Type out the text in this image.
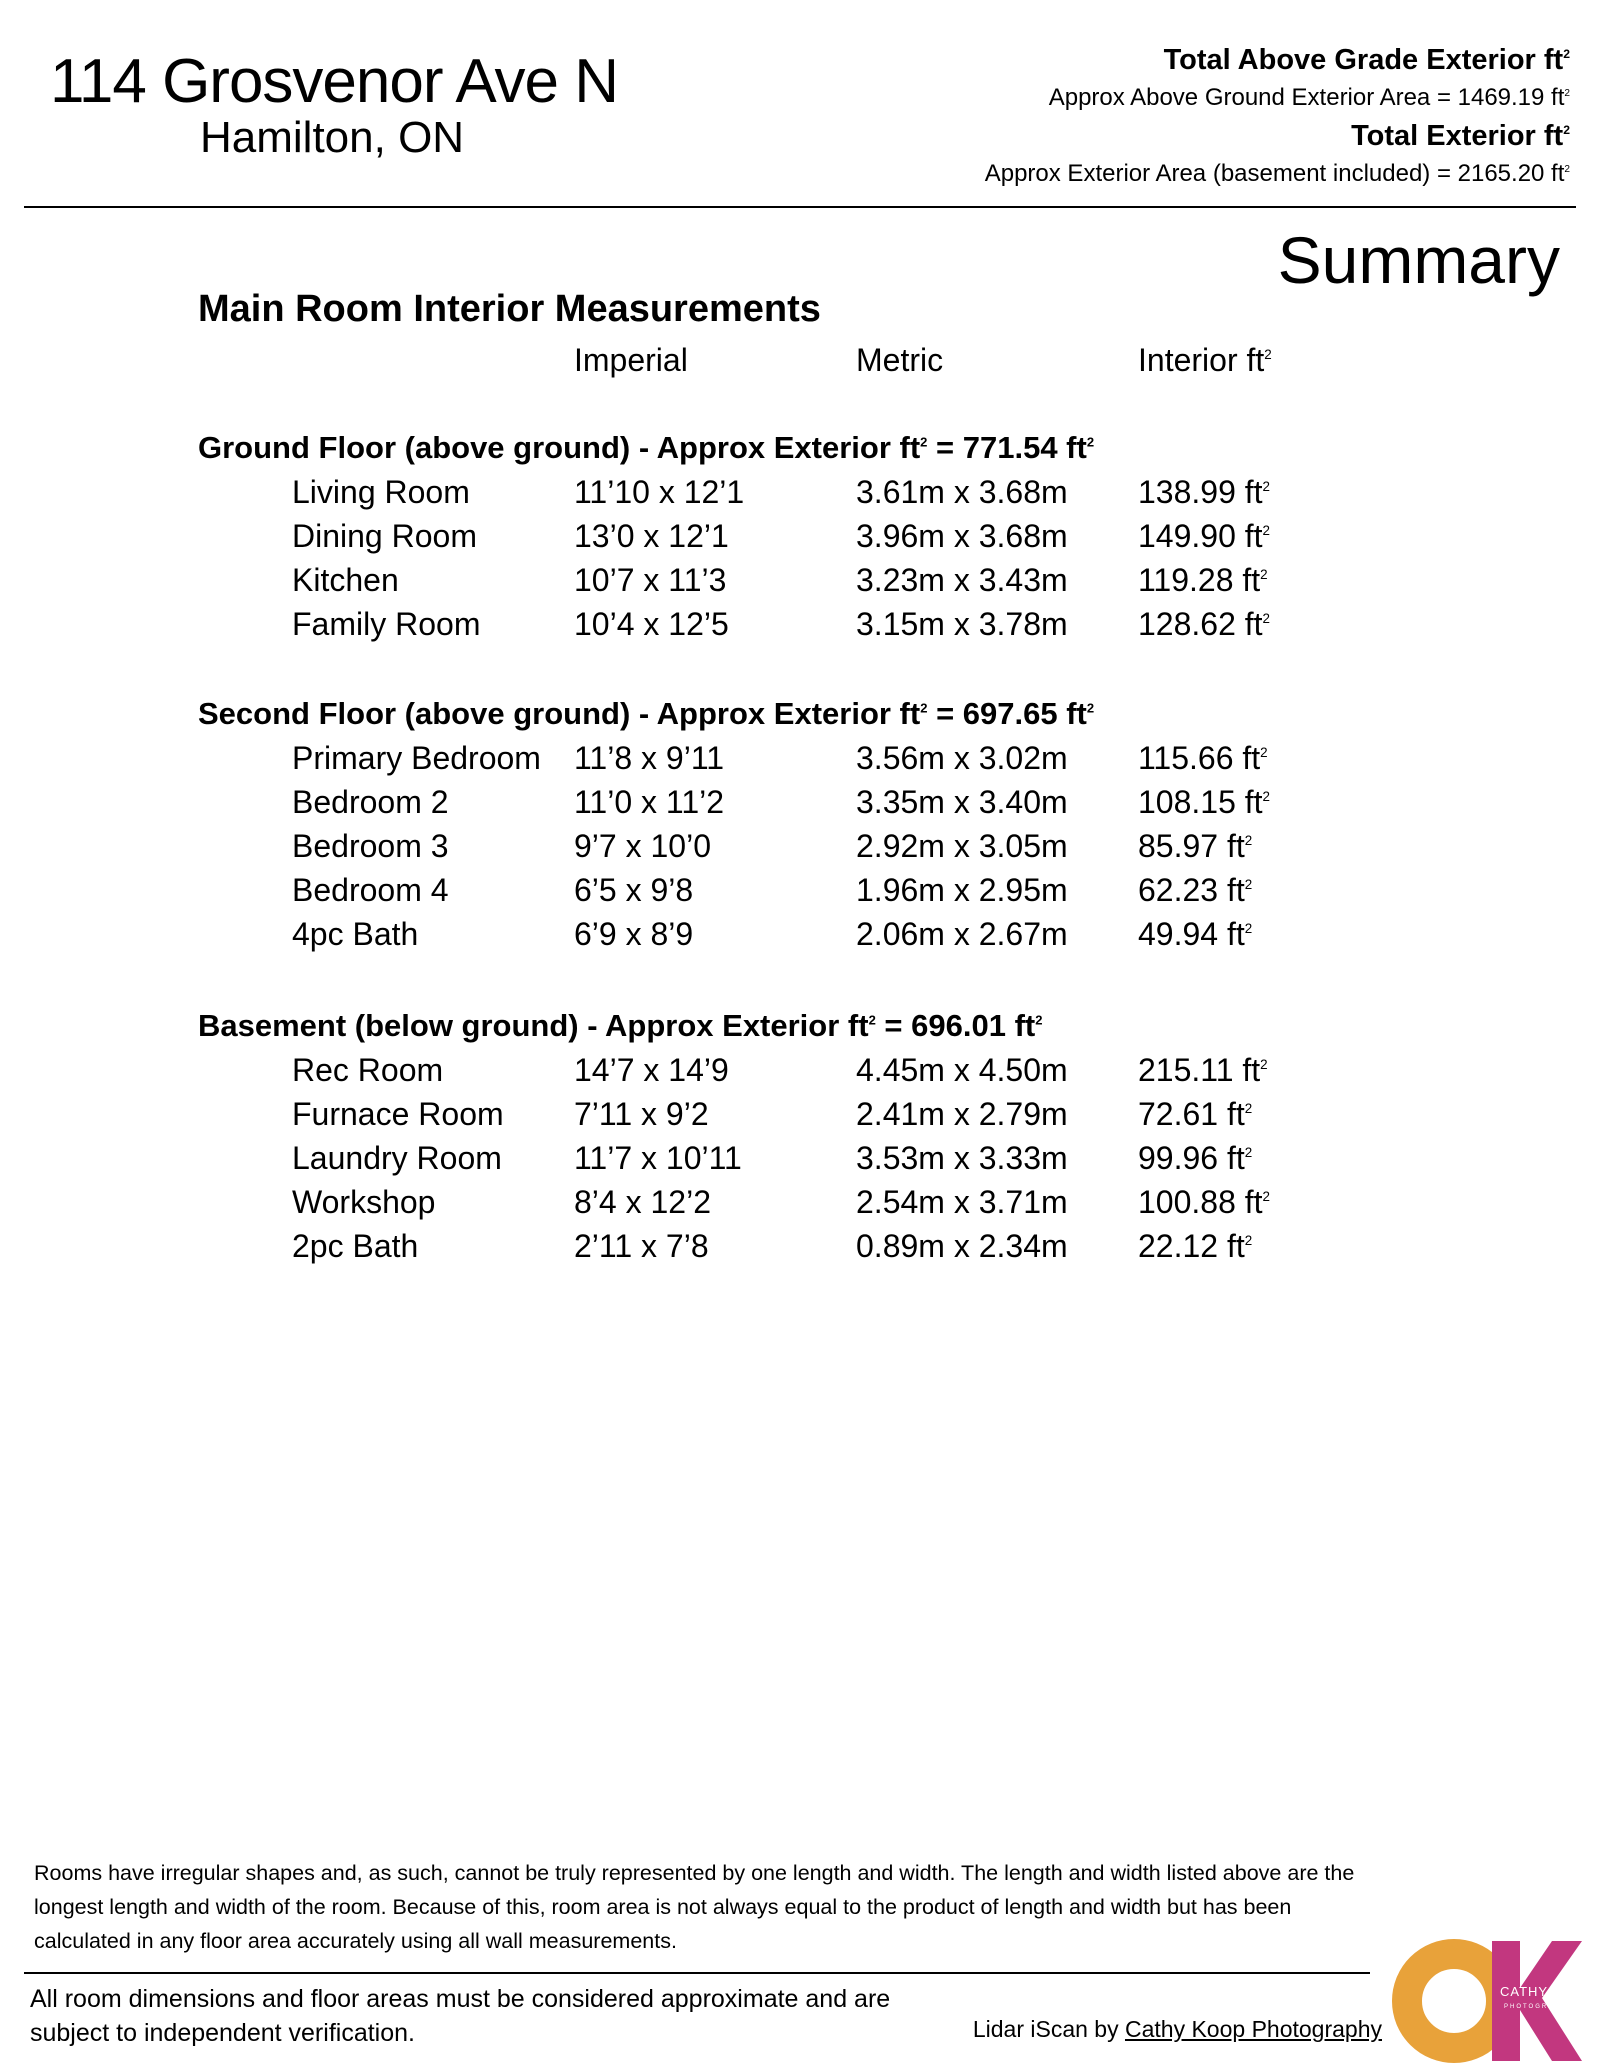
114 Grosvenor Ave N
Hamilton, ON
Total Above Grade Exterior $ft^2$
Approx Above Ground Exterior Area = 1469.19 $ft^2$
Total Exterior $ft^2$
Approx Exterior Area (basement included) = 2165.20 $ft^2$
Summary
Main Room Interior Measurements
Imperial	Metric	Interior $ft^2$
Ground Floor (above ground) - Approx Exterior $ft^2 = 771.54$ $ft^2$
Living Room	11’10 x 12’1	3.61m x 3.68m 138.99 $ft^2$
Dining Room	13’0 x 12’1	3.96m x 3.68m 149.90 $ft^2$
Kitchen	10’7 x 11’3	3.23m x 3.43m 119.28 $ft^2$
Family Room	10’4 x 12’5	3.15m x 3.78m 128.62 $ft^2$
Second Floor (above ground) - Approx Exterior $ft^2 = 697.65$ $ft^2$
Primary Bedroom 11’8 x 9’11	3.56m x 3.02m 115.66 $ft^2$
Bedroom 2	11’0 x 11’2	3.35m x 3.40m 108.15 $ft^2$
Bedroom 3	9’7 x 10’0	2.92m x 3.05m 85.97 $ft^2$
Bedroom 4	6’5 x 9’8	1.96m x 2.95m 62.23 $ft^2$
4pc Bath	6’9 x 8’9	2.06m x 2.67m 49.94 $ft^2$
Basement (below ground) - Approx Exterior $ft^2 = 696.01$ $ft^2$
Rec Room	14’7 x 14’9	4.45m x 4.50m 215.11 $ft^2$
Furnace Room 7’11 x 9’2	2.41m x 2.79m 72.61 $ft^2$
Laundry Room 11’7 x 10’11	3.53m x 3.33m 99.96 $ft^2$
Workshop	8’4 x 12’2	2.54m x 3.71m 100.88 $ft^2$
2pc Bath	2’11 x 7’8	0.89m x 2.34m 22.12 $ft^2$
Rooms have irregular shapes and, as such, cannot be truly represented by one length and width. The length and width listed above are the longest length and width of the room. Because of this, room area is not always equal to the product of length and width but has been calculated in any floor area accurately using all wall measurements.
All room dimensions and floor areas must be considered approximate and are subject to independent verification.	Lidar iScan by Cathy Koop Photography
CATHY KOOP
PHOTOGRAPHY
